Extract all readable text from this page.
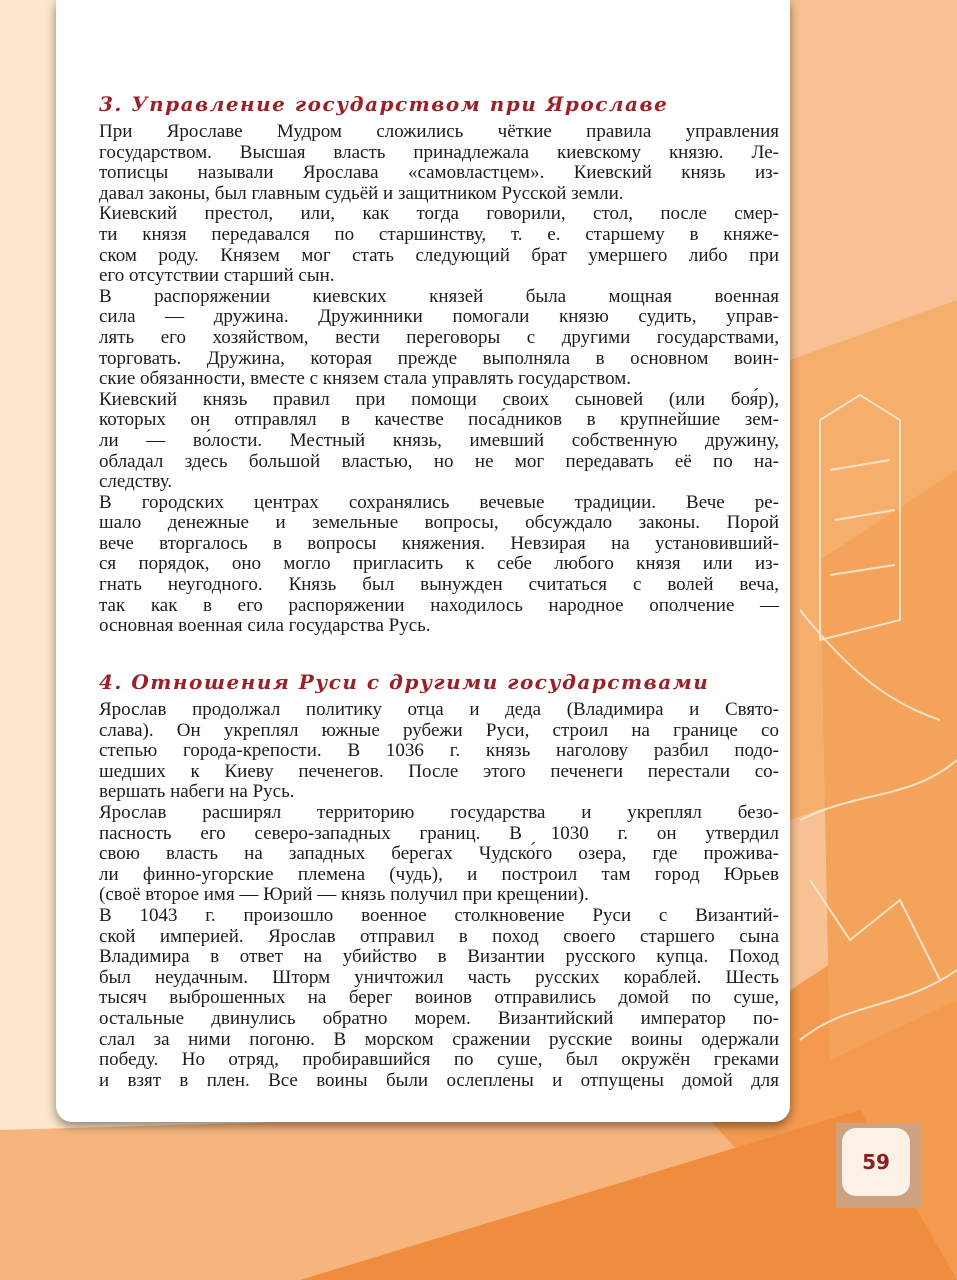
3. Управление государством при Ярославе

При Ярославе Мудром сложились чёткие правила управления
государством. Высшая власть принадлежала киевскому князю. Ле-
тописцы называли Ярослава «самовластцем». Киевский князь из-
давал законы, был главным судьёй и защитником Русской земли.

Киевский престол, или, как тогда говорили, стол, после смер-
ти князя передавался по старшинству, т. е. старшему в княже-
ском роду. Князем мог стать следующий брат умершего либо при
его отсутствии старший сын.

В распоряжении киевских князей была мощная военная
сила — дружина. Дружинники помогали князю судить, управ-
лять его хозяйством, вести переговоры с другими государствами,
торговать. Дружина, которая прежде выполняла в основном воин-
ские обязанности, вместе с князем стала управлять государством.

Киевский князь правил при помощи своих сыновей (или боя́р),
которых он отправлял в качестве поса́дников в крупнейшие зем-
ли — во́лости. Местный князь, имевший собственную дружину,
обладал здесь большой властью, но не мог передавать её по на-
следству.

В городских центрах сохранялись вечевые традиции. Вече ре-
шало денежные и земельные вопросы, обсуждало законы. Порой
вече вторгалось в вопросы княжения. Невзирая на установивший-
ся порядок, оно могло пригласить к себе любого князя или из-
гнать неугодного. Князь был вынужден считаться с волей веча,
так как в его распоряжении находилось народное ополчение —
основная военная сила государства Русь.

4. Отношения Руси с другими государствами

Ярослав продолжал политику отца и деда (Владимира и Свято-
слава). Он укреплял южные рубежи Руси, строил на границе со
степью города-крепости. В 1036 г. князь наголову разбил подо-
шедших к Киеву печенегов. После этого печенеги перестали со-
вершать набеги на Русь.

Ярослав расширял территорию государства и укреплял безо-
пасность его северо-западных границ. В 1030 г. он утвердил
свою власть на западных берегах Чудско́го озера, где прожива-
ли финно-угорские племена (чудь), и построил там город Юрьев
(своё второе имя — Юрий — князь получил при крещении).

В 1043 г. произошло военное столкновение Руси с Византий-
ской империей. Ярослав отправил в поход своего старшего сына
Владимира в ответ на убийство в Византии русского купца. Поход
был неудачным. Шторм уничтожил часть русских кораблей. Шесть
тысяч выброшенных на берег воинов отправились домой по суше,
остальные двинулись обратно морем. Византийский император по-
слал за ними погоню. В морском сражении русские воины одержали
победу. Но отряд, пробиравшийся по суше, был окружён греками
и взят в плен. Все воины были ослеплены и отпущены домой для

59
